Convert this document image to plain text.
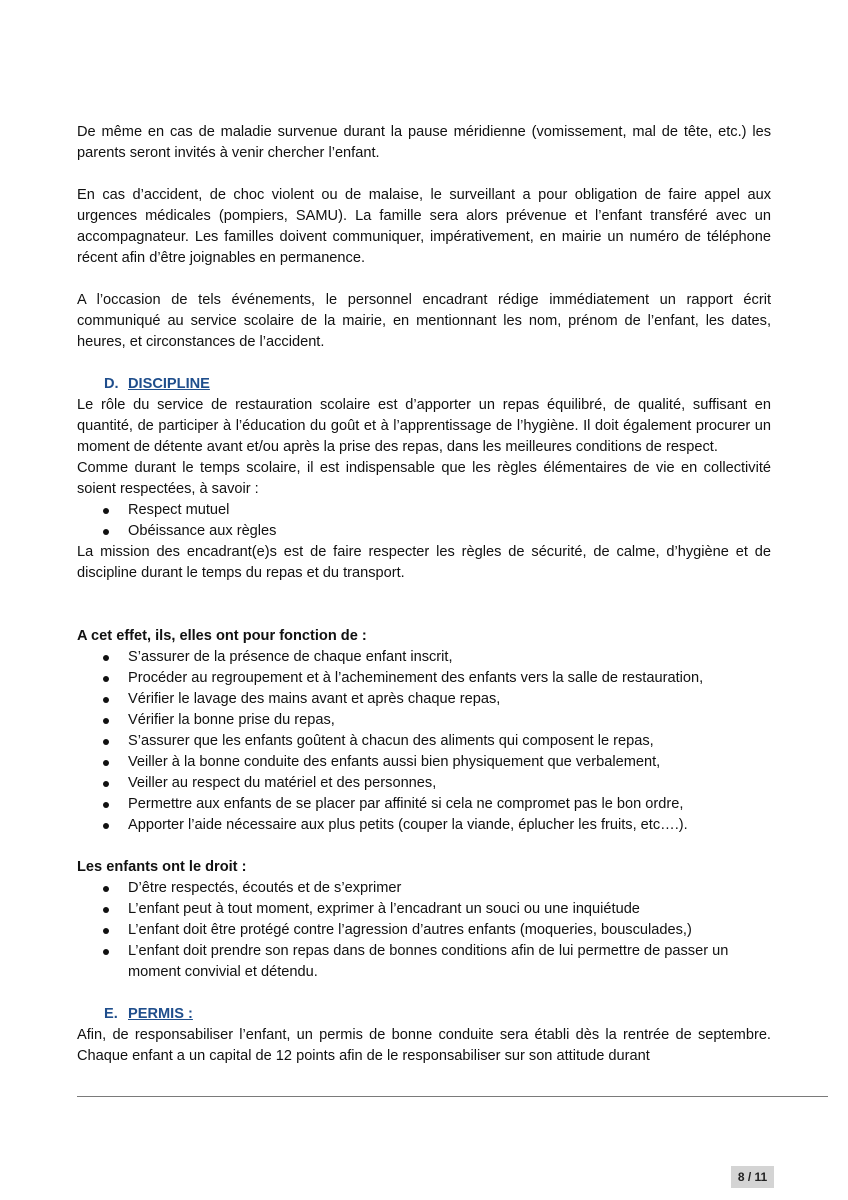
De même en cas de maladie survenue durant la pause méridienne (vomissement, mal de tête, etc.) les parents seront invités à venir chercher l’enfant.

En cas d’accident, de choc violent ou de malaise, le surveillant a pour obligation de faire appel aux urgences médicales (pompiers, SAMU). La famille sera alors prévenue et l’enfant transféré avec un accompagnateur. Les familles doivent communiquer, impérativement, en mairie un numéro de téléphone récent afin d’être joignables en permanence.

A l’occasion de tels événements, le personnel encadrant rédige immédiatement un rapport écrit communiqué au service scolaire de la mairie, en mentionnant les nom, prénom de l’enfant, les dates, heures, et circonstances de l’accident.

D. DISCIPLINE

Le rôle du service de restauration scolaire est d’apporter un repas équilibré, de qualité, suffisant en quantité, de participer à l’éducation du goût et à l’apprentissage de l’hygiène. Il doit également procurer un moment de détente avant et/ou après la prise des repas, dans les meilleures conditions de respect.

Comme durant le temps scolaire, il est indispensable que les règles élémentaires de vie en collectivité soient respectées, à savoir :

Respect mutuel
Obéissance aux règles

La mission des encadrant(e)s est de faire respecter les règles de sécurité, de calme, d’hygiène et de discipline durant le temps du repas et du transport.

A cet effet, ils, elles ont pour fonction de :

S’assurer de la présence de chaque enfant inscrit,
Procéder au regroupement et à l’acheminement des enfants vers la salle de restauration,
Vérifier le lavage des mains avant et après chaque repas,
Vérifier la bonne prise du repas,
S’assurer que les enfants goûtent à chacun des aliments qui composent le repas,
Veiller à la bonne conduite des enfants aussi bien physiquement que verbalement,
Veiller au respect du matériel et des personnes,
Permettre aux enfants de se placer par affinité si cela ne compromet pas le bon ordre,
Apporter l’aide nécessaire aux plus petits (couper la viande, éplucher les fruits, etc….).

Les enfants ont le droit :

D’être respectés, écoutés et de s’exprimer
L’enfant peut à tout moment, exprimer à l’encadrant un souci ou une inquiétude
L’enfant doit être protégé contre l’agression d’autres enfants (moqueries, bousculades,)
L’enfant doit prendre son repas dans de bonnes conditions afin de lui permettre de passer un moment convivial et détendu.
E. PERMIS :

Afin, de responsabiliser l’enfant, un permis de bonne conduite sera établi dès la rentrée de septembre. Chaque enfant a un capital de 12 points afin de le responsabiliser sur son attitude durant

8 / 11
